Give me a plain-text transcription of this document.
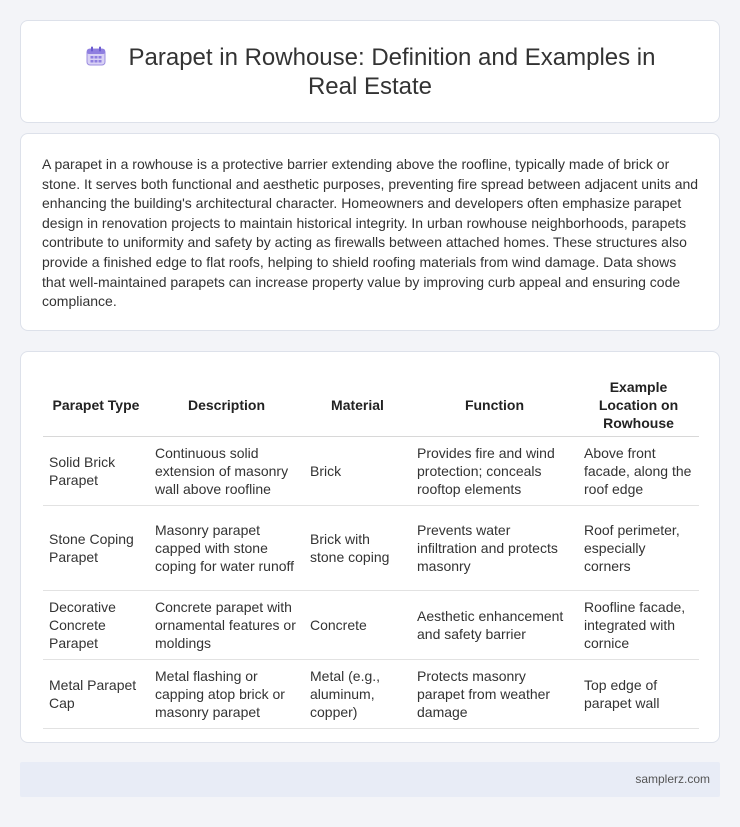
Parapet in Rowhouse: Definition and Examples in Real Estate

A parapet in a rowhouse is a protective barrier extending above the roofline, typically made of brick or stone. It serves both functional and aesthetic purposes, preventing fire spread between adjacent units and enhancing the building's architectural character. Homeowners and developers often emphasize parapet design in renovation projects to maintain historical integrity. In urban rowhouse neighborhoods, parapets contribute to uniformity and safety by acting as firewalls between attached homes. These structures also provide a finished edge to flat roofs, helping to shield roofing materials from wind damage. Data shows that well-maintained parapets can increase property value by improving curb appeal and ensuring code compliance.

Parapet Type	Description	Material	Function	Example Location on Rowhouse
Solid Brick Parapet	Continuous solid extension of masonry wall above roofline	Brick	Provides fire and wind protection; conceals rooftop elements	Above front facade, along the roof edge
Stone Coping Parapet	Masonry parapet capped with stone coping for water runoff	Brick with stone coping	Prevents water infiltration and protects masonry	Roof perimeter, especially corners
Decorative Concrete Parapet	Concrete parapet with ornamental features or moldings	Concrete	Aesthetic enhancement and safety barrier	Roofline facade, integrated with cornice
Metal Parapet Cap	Metal flashing or capping atop brick or masonry parapet	Metal (e.g., aluminum, copper)	Protects masonry parapet from weather damage	Top edge of parapet wall
samplerz.com
